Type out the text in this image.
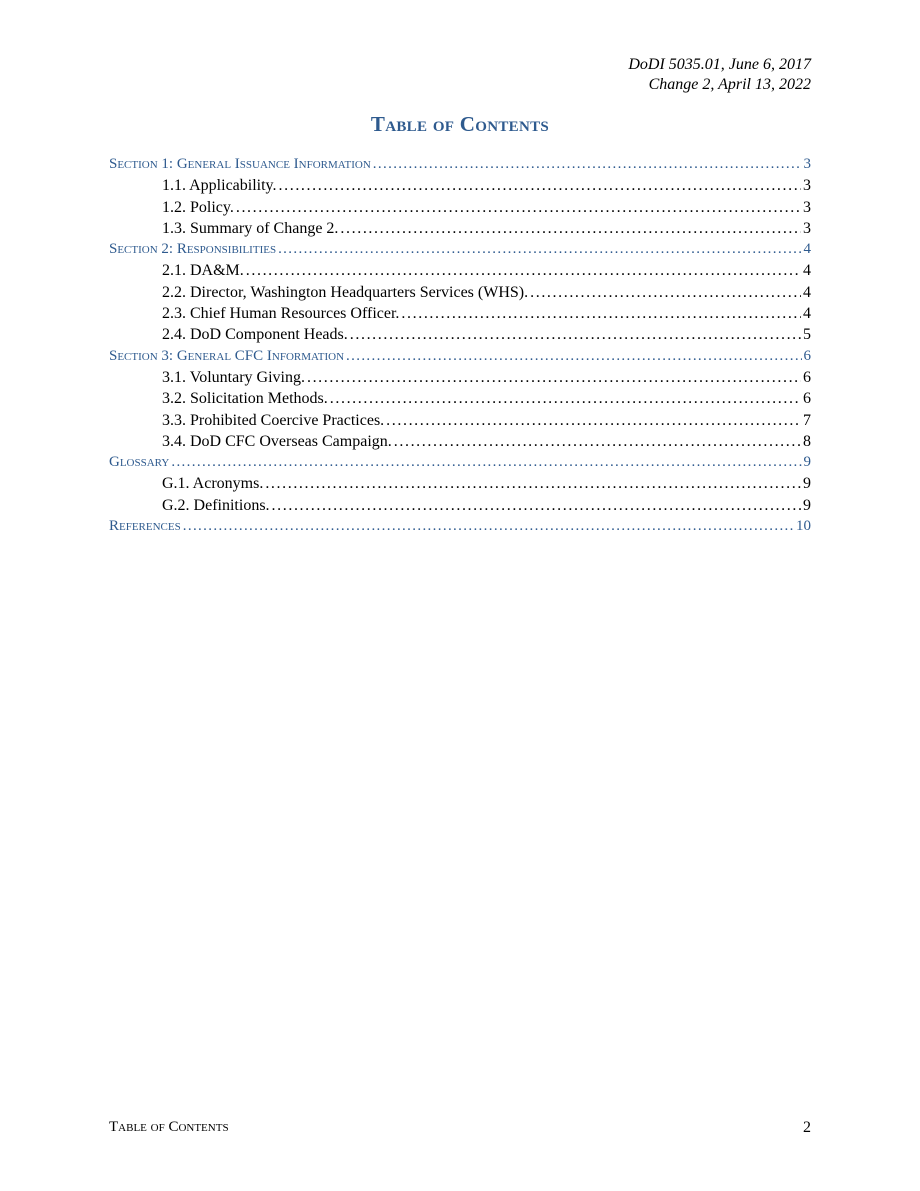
DoDI 5035.01, June 6, 2017
Change 2, April 13, 2022
Table of Contents
Section 1: General Issuance Information . . .	3
1.1. Applicability. . . .	3
1.2. Policy. . . .	3
1.3. Summary of Change 2. . . .	3
Section 2: Responsibilities . . .	4
2.1. DA&M. . . .	4
2.2. Director, Washington Headquarters Services (WHS). . . .	4
2.3. Chief Human Resources Officer. . . .	4
2.4. DoD Component Heads. . . .	5
Section 3: General CFC Information . . .	6
3.1. Voluntary Giving. . . .	6
3.2. Solicitation Methods. . . .	6
3.3. Prohibited Coercive Practices. . . .	7
3.4. DoD CFC Overseas Campaign. . . .	8
Glossary . . .	9
G.1. Acronyms. . . .	9
G.2. Definitions. . . .	9
References . . .	10
Table of Contents	2
